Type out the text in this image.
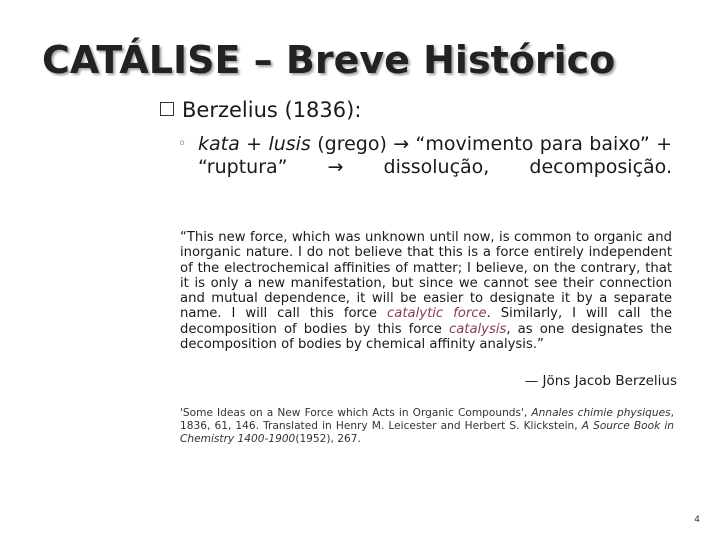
CATÁLISE – Breve Histórico
Berzelius (1836):
◦ kata + lusis (grego) → “movimento para baixo” + “ruptura” → dissolução, decomposição.
“This new force, which was unknown until now, is common to organic and inorganic nature. I do not believe that this is a force entirely independent of the electrochemical affinities of matter; I believe, on the contrary, that it is only a new manifestation, but since we cannot see their connection and mutual dependence, it will be easier to designate it by a separate name. I will call this force catalytic force. Similarly, I will call the decomposition of bodies by this force catalysis, as one designates the decomposition of bodies by chemical affinity analysis.”
— Jöns Jacob Berzelius
'Some Ideas on a New Force which Acts in Organic Compounds', Annales chimie physiques, 1836, 61, 146. Translated in Henry M. Leicester and Herbert S. Klickstein, A Source Book in Chemistry 1400-1900(1952), 267.
4
